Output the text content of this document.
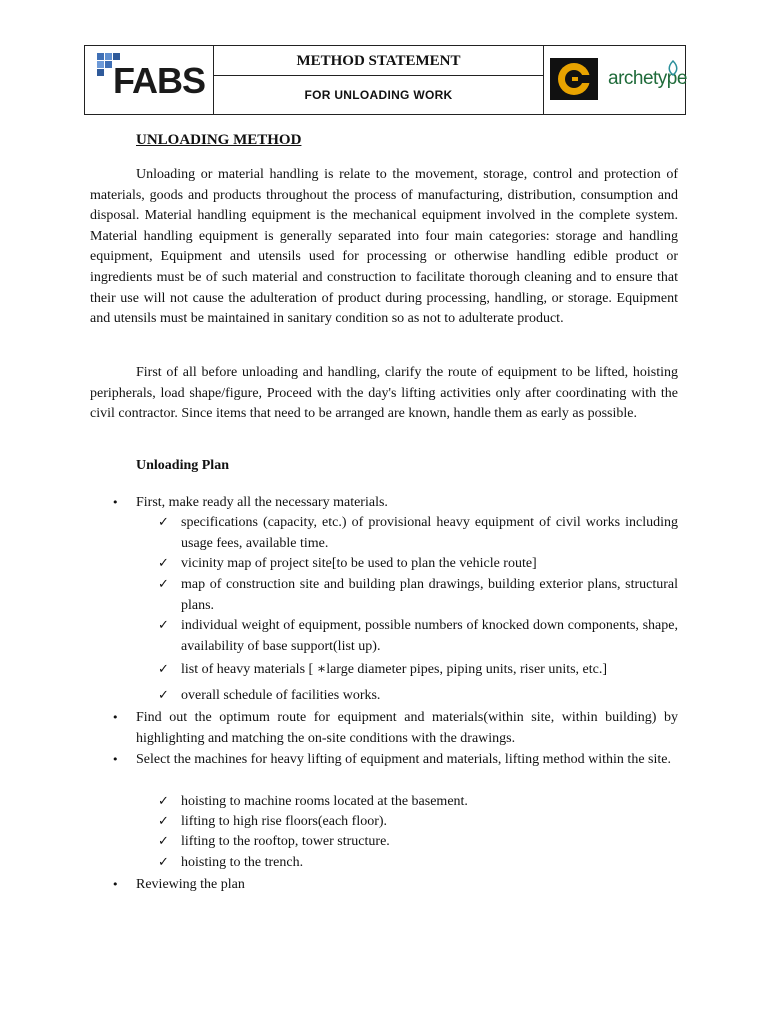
FABS	METHOD STATEMENT
FOR UNLOADING WORK
archetype
UNLOADING METHOD

Unloading or material handling is relate to the movement, storage, control and protection of materials, goods and products throughout the process of manufacturing, distribution, consumption and disposal. Material handling equipment is the mechanical equipment involved in the complete system. Material handling equipment is generally separated into four main categories: storage and handling equipment, Equipment and utensils used for processing or otherwise handling edible product or ingredients must be of such material and construction to facilitate thorough cleaning and to ensure that their use will not cause the adulteration of product during processing, handling, or storage. Equipment and utensils must be maintained in sanitary condition so as not to adulterate product.

First of all before unloading and handling, clarify the route of equipment to be lifted, hoisting peripherals, load shape/figure, Proceed with the day's lifting activities only after coordinating with the civil contractor. Since items that need to be arranged are known, handle them as early as possible.

Unloading Plan
•	First, make ready all the necessary materials.
✓ specifications (capacity, etc.) of provisional heavy equipment of civil works including usage fees, available time.
✓ vicinity map of project site[to be used to plan the vehicle route]
✓ map of construction site and building plan drawings, building exterior plans, structural plans.
✓ individual weight of equipment, possible numbers of knocked down components, shape, availability of base support(list up).
✓ list of heavy materials [ ∗large diameter pipes, piping units, riser units, etc.]
✓ overall schedule of facilities works.
•	Find out the optimum route for equipment and materials(within site, within building) by highlighting and matching the on-site conditions with the drawings.
•	Select the machines for heavy lifting of equipment and materials, lifting method within the site.
✓ hoisting to machine rooms located at the basement.
✓ lifting to high rise floors(each floor).
✓ lifting to the rooftop, tower structure.
✓ hoisting to the trench.
•	Reviewing the plan
